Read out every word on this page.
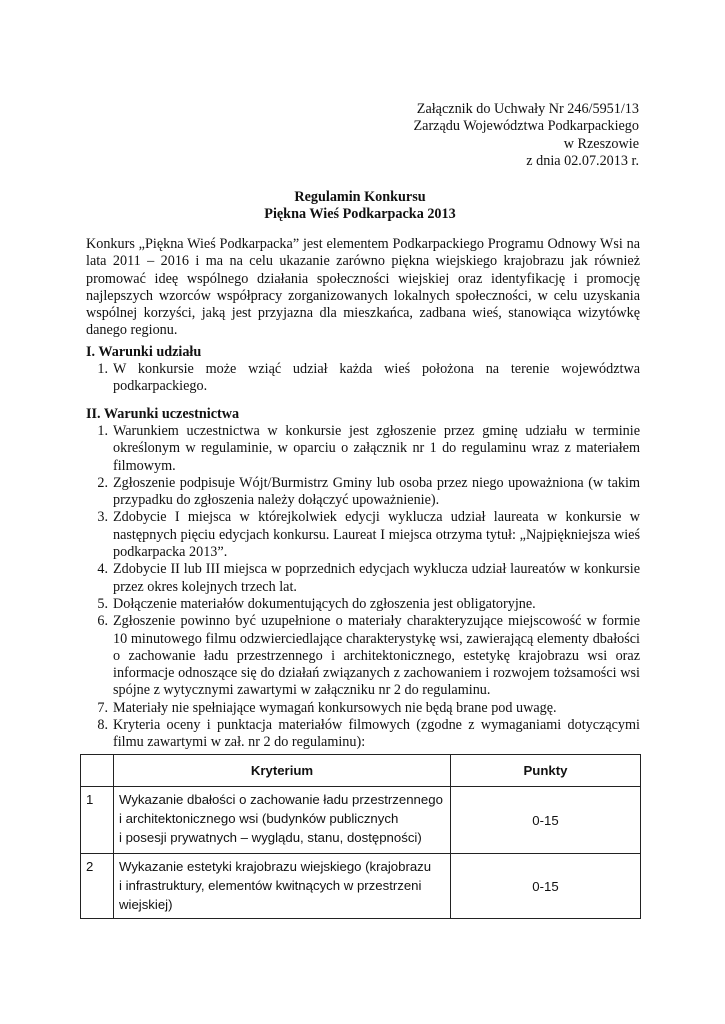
Załącznik do Uchwały Nr 246/5951/13
Zarządu Województwa Podkarpackiego
w Rzeszowie
z dnia 02.07.2013 r.
Regulamin Konkursu
Piękna Wieś Podkarpacka 2013
Konkurs „Piękna Wieś Podkarpacka” jest elementem Podkarpackiego Programu Odnowy Wsi na lata 2011 – 2016 i ma na celu ukazanie zarówno piękna wiejskiego krajobrazu jak również promować ideę wspólnego działania społeczności wiejskiej oraz identyfikację i promocję najlepszych wzorców współpracy zorganizowanych lokalnych społeczności, w celu uzyskania wspólnej korzyści, jaką jest przyjazna dla mieszkańca, zadbana wieś, stanowiąca wizytówkę danego regionu.
I. Warunki udziału
1. W konkursie może wziąć udział każda wieś położona na terenie województwa podkarpackiego.
II. Warunki uczestnictwa
1. Warunkiem uczestnictwa w konkursie jest zgłoszenie przez gminę udziału w terminie określonym w regulaminie, w oparciu o załącznik nr 1 do regulaminu wraz z materiałem filmowym.
2. Zgłoszenie podpisuje Wójt/Burmistrz Gminy lub osoba przez niego upoważniona (w takim przypadku do zgłoszenia należy dołączyć upoważnienie).
3. Zdobycie I miejsca w którejkolwiek edycji wyklucza udział laureata w konkursie w następnych pięciu edycjach konkursu. Laureat I miejsca otrzyma tytuł: „Najpiękniejsza wieś podkarpacka 2013”.
4. Zdobycie II lub III miejsca w poprzednich edycjach wyklucza udział laureatów w konkursie przez okres kolejnych trzech lat.
5. Dołączenie materiałów dokumentujących do zgłoszenia jest obligatoryjne.
6. Zgłoszenie powinno być uzupełnione o materiały charakteryzujące miejscowość w formie 10 minutowego filmu odzwierciedlające charakterystykę wsi, zawierającą elementy dbałości o zachowanie ładu przestrzennego i architektonicznego, estetykę krajobrazu wsi oraz informacje odnoszące się do działań związanych z zachowaniem i rozwojem tożsamości wsi spójne z wytycznymi zawartymi w załączniku nr 2 do regulaminu.
7. Materiały nie spełniające wymagań konkursowych nie będą brane pod uwagę.
8. Kryteria oceny i punktacja materiałów filmowych (zgodne z wymaganiami dotyczącymi filmu zawartymi w zał. nr 2 do regulaminu):
	Kryterium	Punkty
1	Wykazanie dbałości o zachowanie ładu przestrzennego
i architektonicznego wsi (budynków publicznych
i posesji prywatnych – wyglądu, stanu, dostępności)	0-15
2	Wykazanie estetyki krajobrazu wiejskiego (krajobrazu
i infrastruktury, elementów kwitnących w przestrzeni
wiejskiej)	0-15
